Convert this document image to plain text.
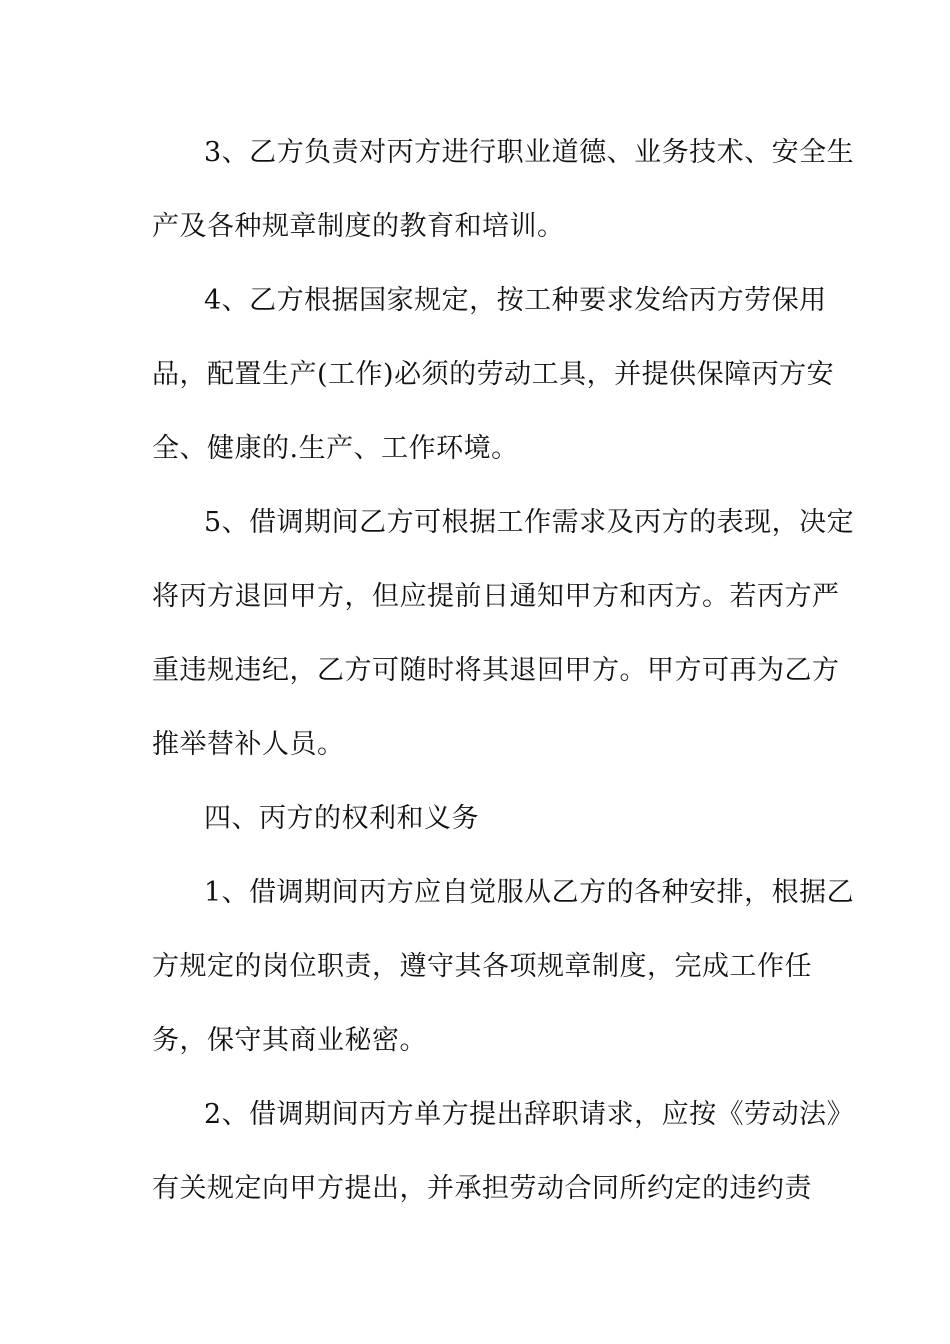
3、乙方负责对丙方进行职业道德、业务技术、安全生
产及各种规章制度的教育和培训。
4、乙方根据国家规定，按工种要求发给丙方劳保用
品，配置生产(工作)必须的劳动工具，并提供保障丙方安
全、健康的.生产、工作环境。
5、借调期间乙方可根据工作需求及丙方的表现，决定
将丙方退回甲方，但应提前日通知甲方和丙方。若丙方严
重违规违纪，乙方可随时将其退回甲方。甲方可再为乙方
推举替补人员。
四、丙方的权利和义务
1、借调期间丙方应自觉服从乙方的各种安排，根据乙
方规定的岗位职责，遵守其各项规章制度，完成工作任
务，保守其商业秘密。
2、借调期间丙方单方提出辞职请求，应按《劳动法》
有关规定向甲方提出，并承担劳动合同所约定的违约责
